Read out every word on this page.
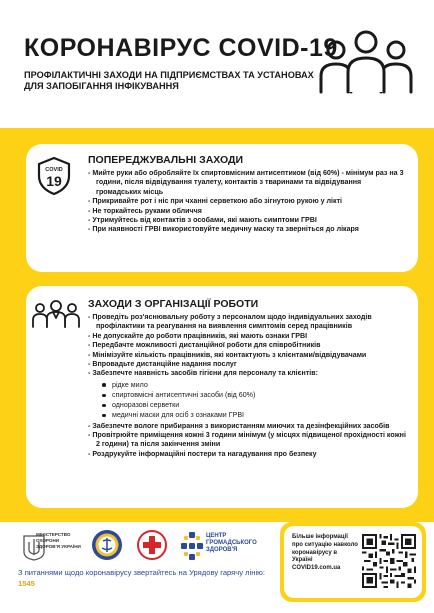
КОРОНАВІРУС COVID-19
ПРОФІЛАКТИЧНІ ЗАХОДИ НА ПІДПРИЄМСТВАХ ТА УСТАНОВАХ ДЛЯ ЗАПОБІГАННЯ ІНФІКУВАННЯ
COVID
19
ПОПЕРЕДЖУВАЛЬНІ ЗАХОДИ
- Мийте руки або обробляйте їх спиртовмісним антисептиком (від 60%) - мінімум раз на 3 години, після відвідування туалету, контактів з тваринами та відвідування громадських місць
- Прикривайте рот і ніс при чханні серветкою або зігнутою рукою у лікті
- Не торкайтесь руками обличчя
- Утримуйтесь від контактів з особами, які мають симптоми ГРВІ
- При наявності ГРВІ використовуйте медичну маску та зверніться до лікаря
ЗАХОДИ З ОРГАНІЗАЦІЇ РОБОТИ
- Проведіть роз'яснювальну роботу з персоналом щодо індивідуальних заходів профілактики та реагування на виявлення симптомів серед працівників
- Не допускайте до роботи працівників, які мають ознаки ГРВІ
- Передбачте можливості дистанційної роботи для співробітників
- Мінімізуйте кількість працівників, які контактують з клієнтами/відвідувачами
- Впровадьте дистанційне надання послуг
- Забезпечте наявність засобів гігієни для персоналу та клієнтів:
рідке мило
спиртовмісні антисептичні засоби (від 60%)
одноразові серветки
медичні маски для осіб з ознаками ГРВІ
- Забезпечте вологе прибирання з використанням миючих та дезінфекційних засобів
- Провітрюйте приміщення кожні 3 години мінімум (у місцях підвищеної прохідності кожні 2 години) та після закінчення зміни
- Роздрукуйте інформаційні постери та нагадування про безпеку
МІНІСТЕРСТВО ОХОРОНИ ЗДОРОВ'Я УКРАЇНИ
ЦЕНТР ГРОМАДСЬКОГО ЗДОРОВ'Я
З питаннями щодо коронавірусу звертайтесь на Урядову гарячу лінію: 1545
Більше інформації про ситуацію навколо коронавірусу в Україні COVID19.com.ua
